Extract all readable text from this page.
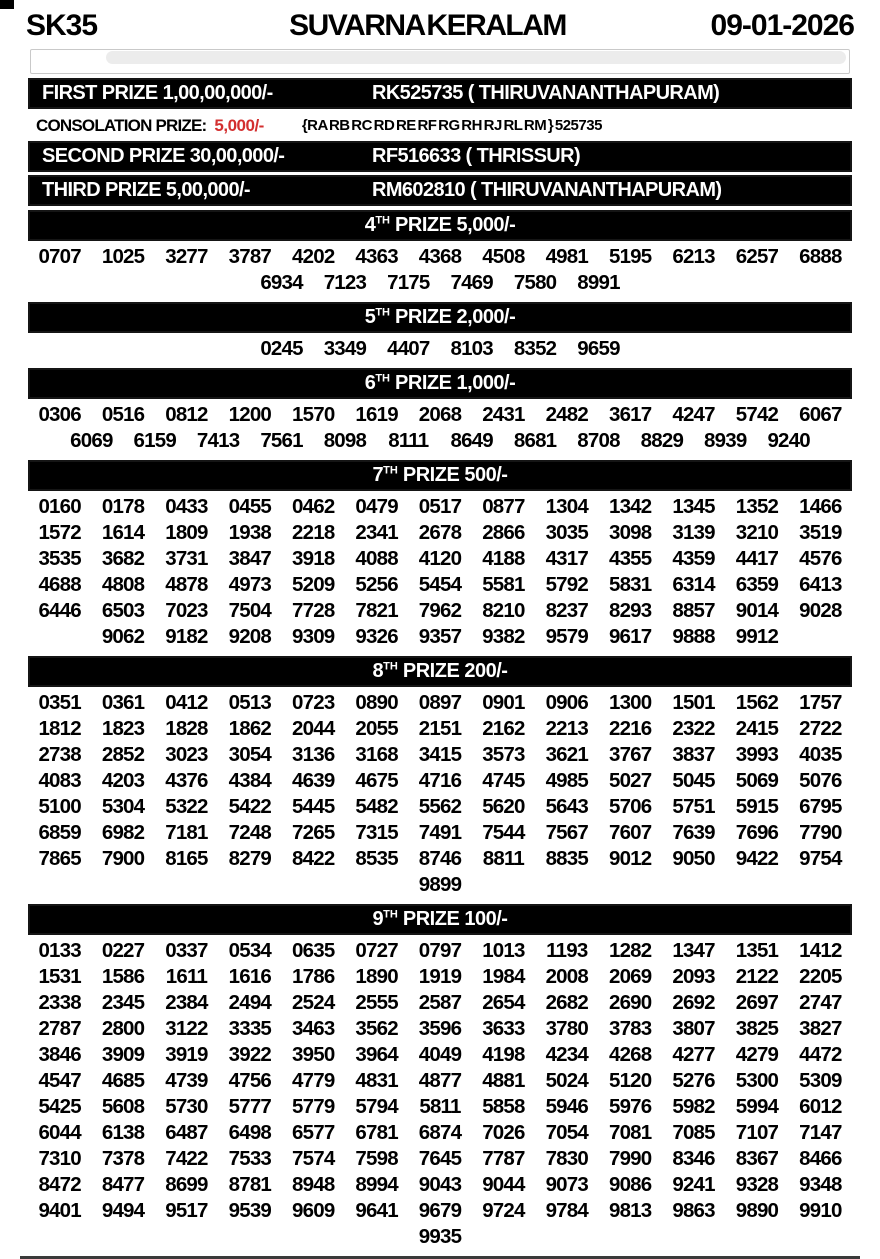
SK35	SUVARNA KERALAM	09-01-2026
FIRST PRIZE 1,00,00,000/-	RK525735 ( THIRUVANANTHAPURAM)
CONSOLATION PRIZE: 5,000/-	{RA RB RC RD RE RF RG RH RJ RL RM } 525735
SECOND PRIZE 30,00,000/-	RF516633 ( THRISSUR)
THIRD PRIZE 5,00,000/-	RM602810 ( THIRUVANANTHAPURAM)
4TH PRIZE 5,000/-
0707	1025	3277	3787	4202	4363	4368	4508	4981	5195	6213	6257	6888
6934	7123	7175	7469	7580	8991
5TH PRIZE 2,000/-
0245	3349	4407	8103	8352	9659
6TH PRIZE 1,000/-
0306	0516	0812	1200	1570	1619	2068	2431	2482	3617	4247	5742	6067
6069	6159	7413	7561	8098	8111	8649	8681	8708	8829	8939	9240
7TH PRIZE 500/-
0160	0178	0433	0455	0462	0479	0517	0877	1304	1342	1345	1352	1466
1572	1614	1809	1938	2218	2341	2678	2866	3035	3098	3139	3210	3519
3535	3682	3731	3847	3918	4088	4120	4188	4317	4355	4359	4417	4576
4688	4808	4878	4973	5209	5256	5454	5581	5792	5831	6314	6359	6413
6446	6503	7023	7504	7728	7821	7962	8210	8237	8293	8857	9014	9028
9062	9182	9208	9309	9326	9357	9382	9579	9617	9888	9912
8TH PRIZE 200/-
0351	0361	0412	0513	0723	0890	0897	0901	0906	1300	1501	1562	1757
1812	1823	1828	1862	2044	2055	2151	2162	2213	2216	2322	2415	2722
2738	2852	3023	3054	3136	3168	3415	3573	3621	3767	3837	3993	4035
4083	4203	4376	4384	4639	4675	4716	4745	4985	5027	5045	5069	5076
5100	5304	5322	5422	5445	5482	5562	5620	5643	5706	5751	5915	6795
6859	6982	7181	7248	7265	7315	7491	7544	7567	7607	7639	7696	7790
7865	7900	8165	8279	8422	8535	8746	8811	8835	9012	9050	9422	9754
9899
9TH PRIZE 100/-
0133	0227	0337	0534	0635	0727	0797	1013	1193	1282	1347	1351	1412
1531	1586	1611	1616	1786	1890	1919	1984	2008	2069	2093	2122	2205
2338	2345	2384	2494	2524	2555	2587	2654	2682	2690	2692	2697	2747
2787	2800	3122	3335	3463	3562	3596	3633	3780	3783	3807	3825	3827
3846	3909	3919	3922	3950	3964	4049	4198	4234	4268	4277	4279	4472
4547	4685	4739	4756	4779	4831	4877	4881	5024	5120	5276	5300	5309
5425	5608	5730	5777	5779	5794	5811	5858	5946	5976	5982	5994	6012
6044	6138	6487	6498	6577	6781	6874	7026	7054	7081	7085	7107	7147
7310	7378	7422	7533	7574	7598	7645	7787	7830	7990	8346	8367	8466
8472	8477	8699	8781	8948	8994	9043	9044	9073	9086	9241	9328	9348
9401	9494	9517	9539	9609	9641	9679	9724	9784	9813	9863	9890	9910
9935
